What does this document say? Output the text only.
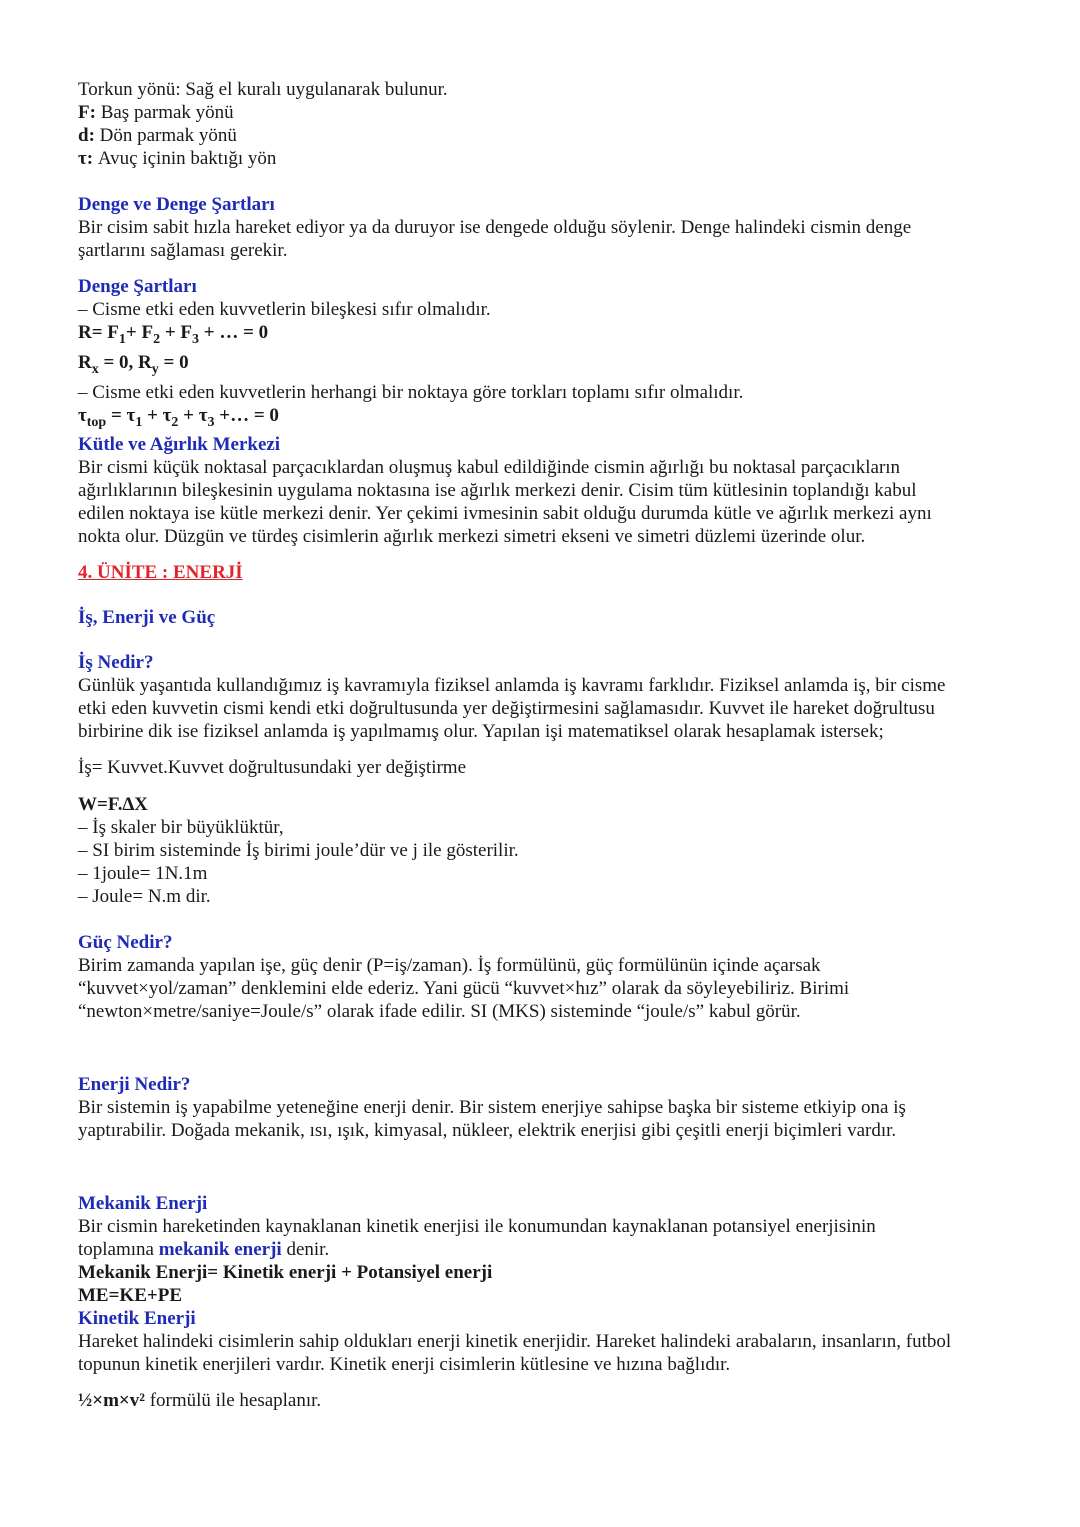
Torkun yönü: Sağ el kuralı uygulanarak bulunur.

F: Baş parmak yönü

d: Dön parmak yönü

τ: Avuç içinin baktığı yön

Denge ve Denge Şartları

Bir cisim sabit hızla hareket ediyor ya da duruyor ise dengede olduğu söylenir. Denge halindeki cismin denge

şartlarını sağlaması gerekir.

Denge Şartları

– Cisme etki eden kuvvetlerin bileşkesi sıfır olmalıdır.

$R= F_1+ F_2 + F_3$ + … = 0

$R_x = 0$, $R_y = 0$

– Cisme etki eden kuvvetlerin herhangi bir noktaya göre torkları toplamı sıfır olmalıdır.

$\tau_{top} = \tau_1 + \tau_2 + \tau_3$ +… = 0

Kütle ve Ağırlık Merkezi

Bir cismi küçük noktasal parçacıklardan oluşmuş kabul edildiğinde cismin ağırlığı bu noktasal parçacıkların

ağırlıklarının bileşkesinin uygulama noktasına ise ağırlık merkezi denir. Cisim tüm kütlesinin toplandığı kabul

edilen noktaya ise kütle merkezi denir. Yer çekimi ivmesinin sabit olduğu durumda kütle ve ağırlık merkezi aynı

nokta olur. Düzgün ve türdeş cisimlerin ağırlık merkezi simetri ekseni ve simetri düzlemi üzerinde olur.

4. ÜNİTE : ENERJİ

İş, Enerji ve Güç

İş Nedir?

Günlük yaşantıda kullandığımız iş kavramıyla fiziksel anlamda iş kavramı farklıdır. Fiziksel anlamda iş, bir cisme

etki eden kuvvetin cismi kendi etki doğrultusunda yer değiştirmesini sağlamasıdır. Kuvvet ile hareket doğrultusu

birbirine dik ise fiziksel anlamda iş yapılmamış olur. Yapılan işi matematiksel olarak hesaplamak istersek;

İş= Kuvvet.Kuvvet doğrultusundaki yer değiştirme

W=F.∆X

– İş skaler bir büyüklüktür,

– SI birim sisteminde İş birimi joule’dür ve j ile gösterilir.

– 1joule= 1N.1m

– Joule= N.m dir.

Güç Nedir?

Birim zamanda yapılan işe, güç denir (P=iş/zaman). İş formülünü, güç formülünün içinde açarsak

“kuvvet×yol/zaman” denklemini elde ederiz. Yani gücü “kuvvet×hız” olarak da söyleyebiliriz. Birimi

“newton×metre/saniye=Joule/s” olarak ifade edilir. SI (MKS) sisteminde “joule/s” kabul görür.

Enerji Nedir?

Bir sistemin iş yapabilme yeteneğine enerji denir. Bir sistem enerjiye sahipse başka bir sisteme etkiyip ona iş

yaptırabilir. Doğada mekanik, ısı, ışık, kimyasal, nükleer, elektrik enerjisi gibi çeşitli enerji biçimleri vardır.

Mekanik Enerji

Bir cismin hareketinden kaynaklanan kinetik enerjisi ile konumundan kaynaklanan potansiyel enerjisinin

toplamına mekanik enerji denir.

Mekanik Enerji= Kinetik enerji + Potansiyel enerji

ME=KE+PE

Kinetik Enerji

Hareket halindeki cisimlerin sahip oldukları enerji kinetik enerjidir. Hareket halindeki arabaların, insanların, futbol

topunun kinetik enerjileri vardır. Kinetik enerji cisimlerin kütlesine ve hızına bağlıdır.

½×m×v² formülü ile hesaplanır.
